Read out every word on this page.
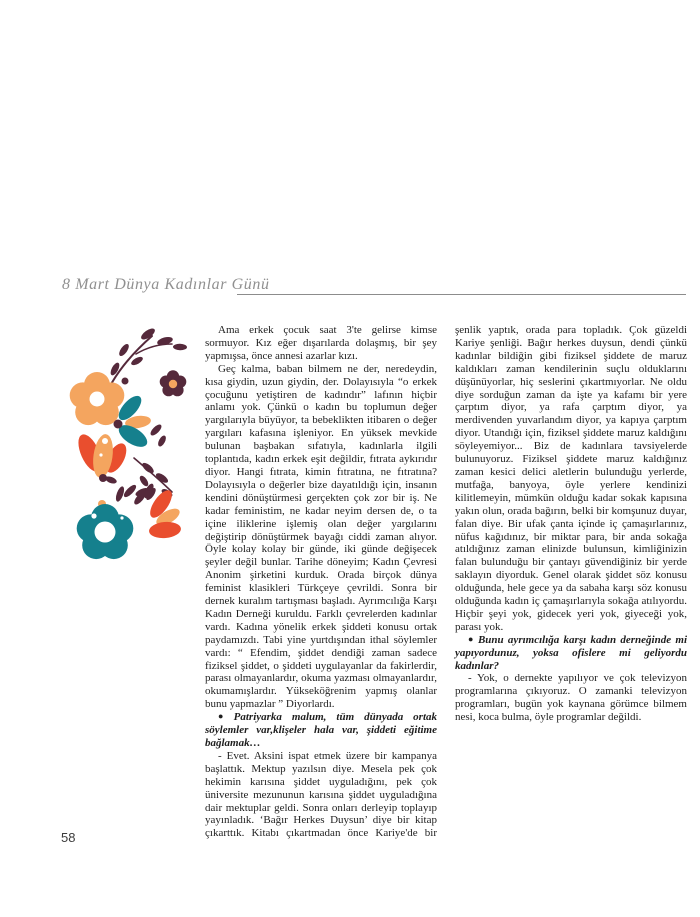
8 Mart Dünya Kadınlar Günü

Ama erkek çocuk saat 3'te gelirse kimse sormuyor. Kız eğer dışarılarda dolaşmış, bir şey yapmışsa, önce annesi azarlar kızı.

Geç kalma, baban bilmem ne der, neredeydin, kısa giydin, uzun giydin, der. Dolayısıyla “o erkek çocuğunu yetiştiren de kadındır” lafının hiçbir anlamı yok. Çünkü o kadın bu toplumun değer yargılarıyla büyüyor, ta bebeklikten itibaren o değer yargıları kafasına işleniyor. En yüksek mevkide bulunan başbakan sıfatıyla, kadınlarla ilgili toplantıda, kadın erkek eşit değildir, fıtrata aykırıdır diyor. Hangi fıtrata, kimin fıtratına, ne fıtratına? Dolayısıyla o değerler bize dayatıldığı için, insanın kendini dönüştürmesi gerçekten çok zor bir iş. Ne kadar feministim, ne kadar neyim dersen de, o ta içine iliklerine işlemiş olan değer yargılarını değiştirip dönüştürmek bayağı ciddi zaman alıyor. Öyle kolay kolay bir günde, iki günde değişecek şeyler değil bunlar. Tarihe döneyim; Kadın Çevresi Anonim şirketini kurduk. Orada birçok dünya feminist klasikleri Türkçeye çevrildi. Sonra bir dernek kuralım tartışması başladı. Ayrımcılığa Karşı Kadın Derneği kuruldu. Farklı çevrelerden kadınlar vardı. Kadına yönelik erkek şiddeti konusu ortak paydamızdı. Tabi yine yurtdışından ithal söylemler vardı: “ Efendim, şiddet dendiği zaman sadece fiziksel şiddet, o şiddeti uygulayanlar da fakirlerdir, parası olmayanlardır, okuma yazması olmayanlardır, okumamışlardır. Yükseköğrenim yapmış olanlar bunu yapmazlar ” Diyorlardı.

● Patriyarka malum, tüm dünyada ortak söylemler var,klişeler hala var, şiddeti eğitime bağlamak…

- Evet. Aksini ispat etmek üzere bir kampanya başlattık. Mektup yazılsın diye. Mesela pek çok hekimin karısına şiddet uyguladığını, pek çok üniversite mezununun karısına şiddet uyguladığına dair mektuplar geldi. Sonra onları derleyip toplayıp yayınladık. ‘Bağır Herkes Duysun’ diye bir kitap çıkarttık. Kitabı çıkartmadan önce Kariye'de bir şenlik yaptık, orada para topladık. Çok güzeldi Kariye şenliği. Bağır herkes duysun, dendi çünkü kadınlar bildiğin gibi fiziksel şiddete de maruz kaldıkları zaman kendilerinin suçlu olduklarını düşünüyorlar, hiç seslerini çıkartmıyorlar. Ne oldu diye sorduğun zaman da işte ya kafamı bir yere çarptım diyor, ya rafa çarptım diyor, ya merdivenden yuvarlandım diyor, ya kapıya çarptım diyor. Utandığı için, fiziksel şiddete maruz kaldığını söyleyemiyor... Biz de kadınlara tavsiyelerde bulunuyoruz. Fiziksel şiddete maruz kaldığınız zaman kesici delici aletlerin bulunduğu yerlerde, mutfağa, banyoya, öyle yerlere kendinizi kilitlemeyin, mümkün olduğu kadar sokak kapısına yakın olun, orada bağırın, belki bir komşunuz duyar, falan diye. Bir ufak çanta içinde iç çamaşırlarınız, nüfus kağıdınız, bir miktar para, bir anda sokağa atıldığınız zaman elinizde bulunsun, kimliğinizin falan bulunduğu bir çantayı güvendiğiniz bir yerde saklayın diyorduk. Genel olarak şiddet söz konusu olduğunda, hele gece ya da sabaha karşı söz konusu olduğunda kadın iç çamaşırlarıyla sokağa atılıyordu. Hiçbir şeyi yok, gidecek yeri yok, giyeceği yok, parası yok.

● Bunu ayrımcılığa karşı kadın derneğinde mi yapıyordunuz, yoksa ofislere mi geliyordu kadınlar?

- Yok, o dernekte yapılıyor ve çok televizyon programlarına çıkıyoruz. O zamanki televizyon programları, bugün yok kaynana görümce bilmem nesi, koca bulma, öyle programlar değildi.

58
